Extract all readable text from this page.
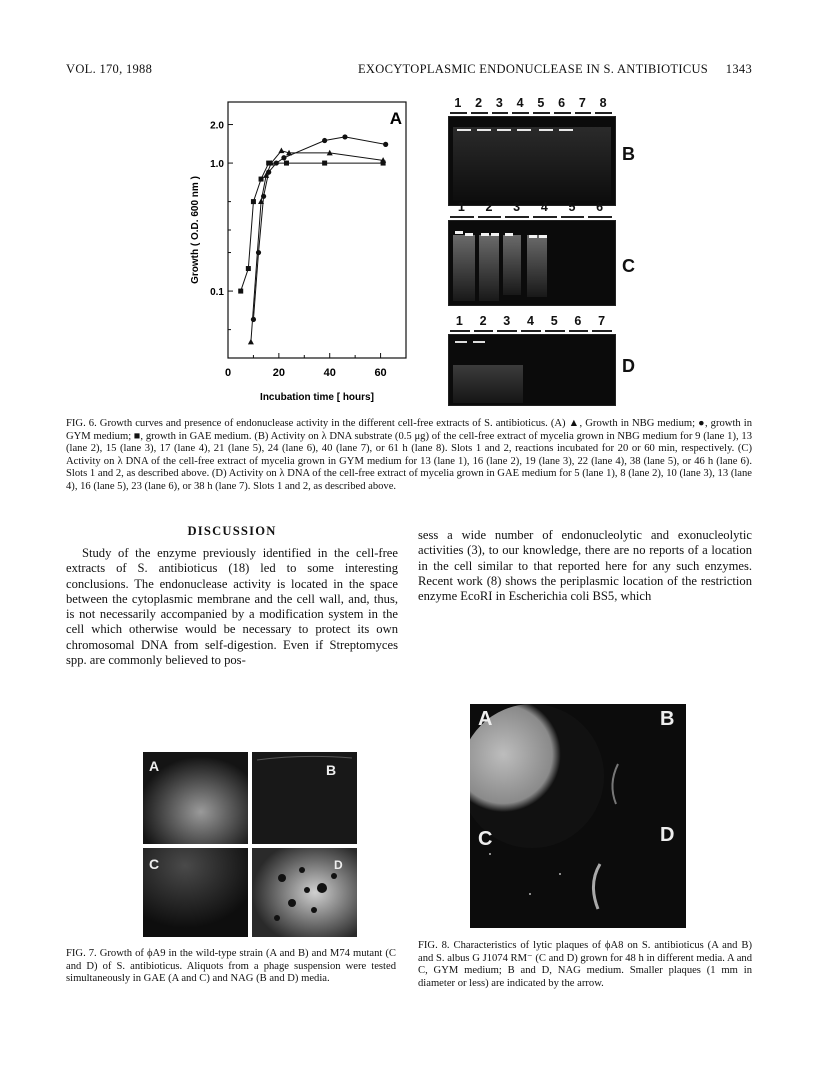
VOL. 170, 1988	EXOCYTOPLASMIC ENDONUCLEASE IN S. ANTIBIOTICUS 1343
0	20	40	60
0.1
1.0
2.0
Incubation time [ hours]
Growth ( O.D. 600 nm )
A
1 2 3 4 5 6 7 8
B
1 2 3 4 5 6
C
1 2 3 4 5 6 7
D
FIG. 6. Growth curves and presence of endonuclease activity in the different cell-free extracts of S. antibioticus. (A) ▲, Growth in NBG medium; ●, growth in GYM medium; ■, growth in GAE medium. (B) Activity on λ DNA substrate (0.5 μg) of the cell-free extract of mycelia grown in NBG medium for 9 (lane 1), 13 (lane 2), 15 (lane 3), 17 (lane 4), 21 (lane 5), 24 (lane 6), 40 (lane 7), or 61 h (lane 8). Slots 1 and 2, reactions incubated for 20 or 60 min, respectively. (C) Activity on λ DNA of the cell-free extract of mycelia grown in GYM medium for 13 (lane 1), 16 (lane 2), 19 (lane 3), 22 (lane 4), 38 (lane 5), or 46 h (lane 6). Slots 1 and 2, as described above. (D) Activity on λ DNA of the cell-free extract of mycelia grown in GAE medium for 5 (lane 1), 8 (lane 2), 10 (lane 3), 13 (lane 4), 16 (lane 5), 23 (lane 6), or 38 h (lane 7). Slots 1 and 2, as described above.
DISCUSSION
Study of the enzyme previously identified in the cell-free extracts of S. antibioticus (18) led to some interesting conclusions. The endonuclease activity is located in the space between the cytoplasmic membrane and the cell wall, and, thus, is not necessarily accompanied by a modification system in the cell which otherwise would be necessary to protect its own chromosomal DNA from self-digestion. Even if Streptomyces spp. are commonly believed to pos-
sess a wide number of endonucleolytic and exonucleolytic activities (3), to our knowledge, there are no reports of a location in the cell similar to that reported here for any such enzymes. Recent work (8) shows the periplasmic location of the restriction enzyme EcoRI in Escherichia coli BS5, which
A	B
C	D
FIG. 7. Growth of ϕA9 in the wild-type strain (A and B) and M74 mutant (C and D) of S. antibioticus. Aliquots from a phage suspension were tested simultaneously in GAE (A and C) and NAG (B and D) media.
A	B
C	D
FIG. 8. Characteristics of lytic plaques of ϕA8 on S. antibioticus (A and B) and S. albus G J1074 RM⁻ (C and D) grown for 48 h in different media. A and C, GYM medium; B and D, NAG medium. Smaller plaques (1 mm in diameter or less) are indicated by the arrow.
